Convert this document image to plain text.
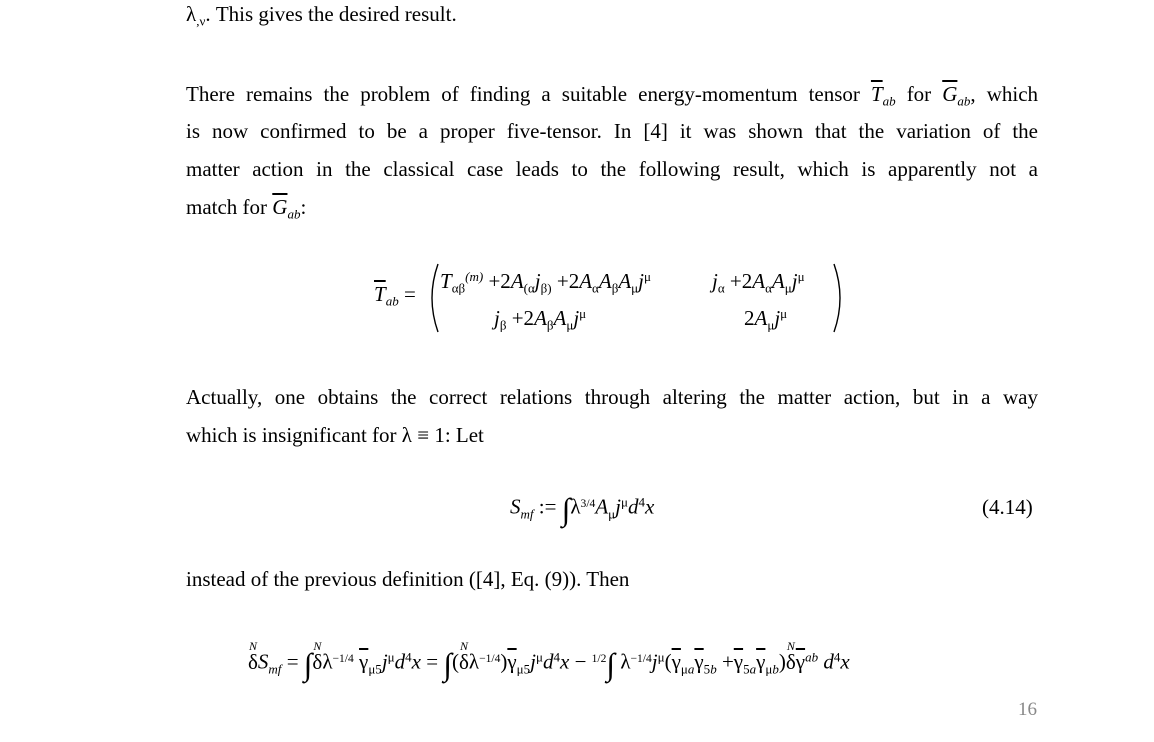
$\lambda_{,\nu}$. This gives the desired result.
There remains the problem of finding a suitable energy-momentum tensor $\overline{T}_{ab}$ for $\overline{G}_{ab}$, which
is now confirmed to be a proper five-tensor. In [4] it was shown that the variation of the
matter action in the classical case leads to the following result, which is apparently not a
match for $\overline{G}_{ab}$:
$\overline{T}_{ab}$ =
$T_{\alpha\beta}^{(m)} +2A_{(\alpha}j_{\beta)} +2A_\alpha A_\beta A_\mu j^\mu$	$j_\alpha +2A_\alpha A_\mu j^\mu$
$j_\beta +2A_\beta A_\mu j^\mu$	$2A_\mu j^\mu$
Actually, one obtains the correct relations through altering the matter action, but in a way
which is insignificant for λ ≡ 1: Let
$S_{mf}$ := $\int\lambda 3/4A_\mu j^\mu d^4x$	(4.14)
instead of the previous definition ([4], Eq. (9)). Then
δ
N
$S_{mf} = \int\delta$
N
λ−1/4 $\overline{\gamma}_{\mu 5}j^\mu d^4x = \int(\delta$
N
$\lambda-1/4)\overline{\gamma}_{\mu 5}j^\mu d^4x - 1/2\int$ $\lambda-1/4j^\mu(\overline{\gamma}_{\mu a}\overline{\gamma}_{5b} +\overline{\gamma}_{5a}\overline{\gamma}_{\mu b})\delta$
N
$\overline{\gamma}^{ab}$ $d^4x$
16
